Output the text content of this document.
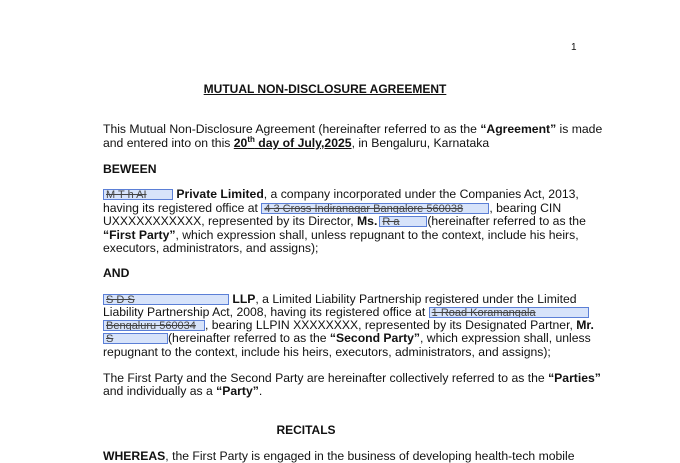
1
MUTUAL NON-DISCLOSURE AGREEMENT
This Mutual Non-Disclosure Agreement (hereinafter referred to as the “Agreement” is made
and entered into on this 20th day of July,2025, in Bengaluru, Karnataka
BEWEEN
M T h AI Private Limited, a company incorporated under the Companies Act, 2013,
having its registered office at 4 3 Cross Indiranagar Bangalore 560038 , bearing CIN
UXXXXXXXXXXX, represented by its Director, Ms. R a (hereinafter referred to as the
“First Party”, which expression shall, unless repugnant to the context, include his heirs,
executors, administrators, and assigns);
AND
S D S	LLP, a Limited Liability Partnership registered under the Limited
Liability Partnership Act, 2008, having its registered office at 1 Road Koramangala
Bengaluru 560034 , bearing LLPIN XXXXXXXX, represented by its Designated Partner, Mr.
S	(hereinafter referred to as the “Second Party”, which expression shall, unless
repugnant to the context, include his heirs, executors, administrators, and assigns);
The First Party and the Second Party are hereinafter collectively referred to as the “Parties”
and individually as a “Party”.
RECITALS
WHEREAS, the First Party is engaged in the business of developing health-tech mobile
